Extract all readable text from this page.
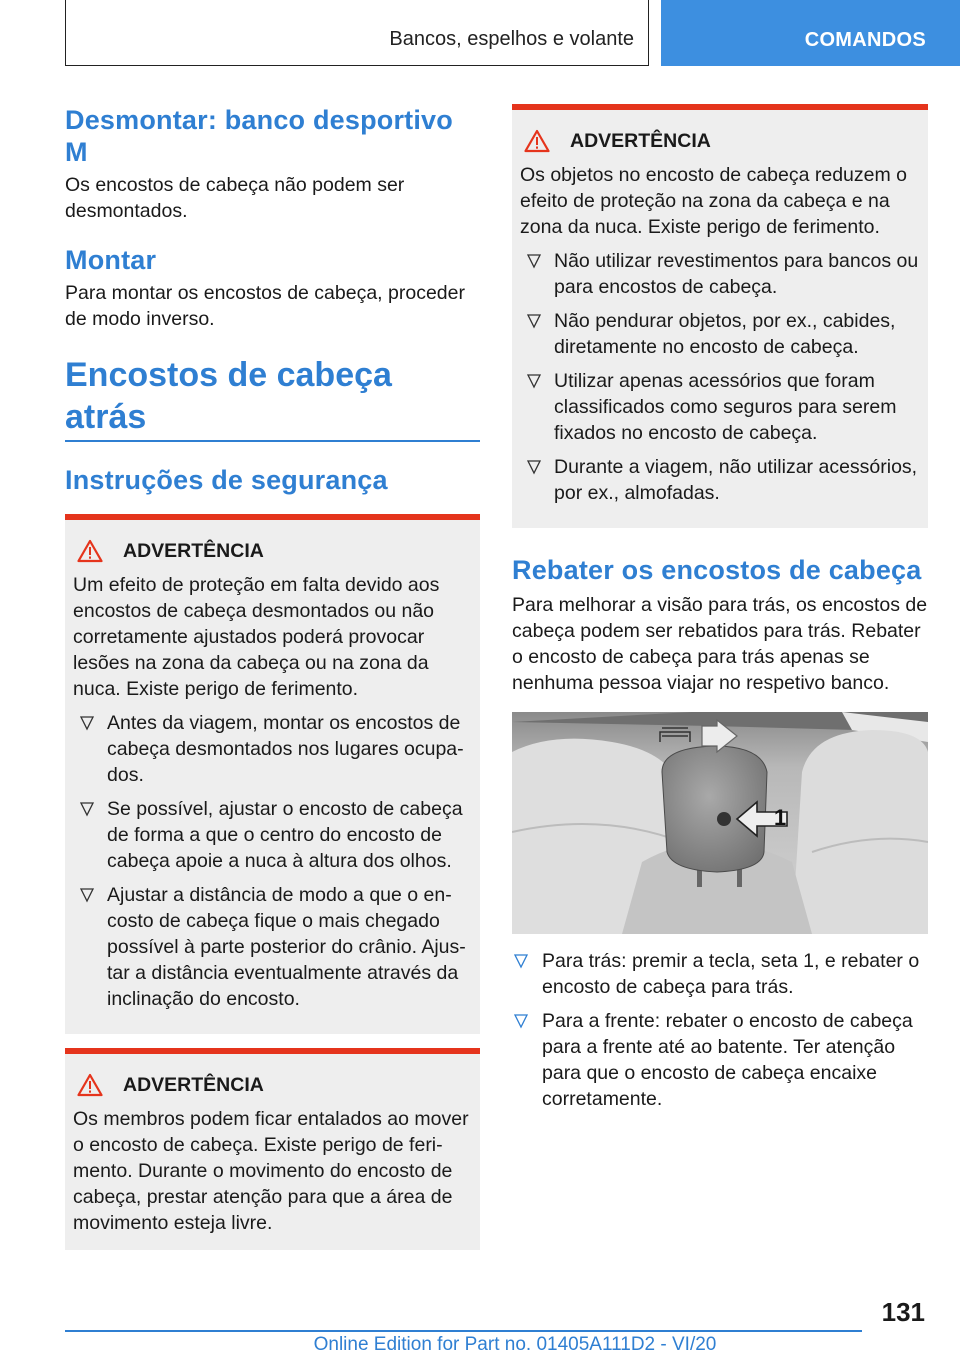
Bancos, espelhos e volante	COMANDOS
Desmontar: banco desportivo M
Os encostos de cabeça não podem ser desmontados.
Montar
Para montar os encostos de cabeça, proceder de modo inverso.
Encostos de cabeça atrás
Instruções de segurança
ADVERTÊNCIA
Um efeito de proteção em falta devido aos encostos de cabeça desmontados ou não corretamente ajustados poderá provocar lesões na zona da cabeça ou na zona da nuca. Existe perigo de ferimento.
Antes da viagem, montar os encostos de cabeça desmontados nos lugares ocupados.
Se possível, ajustar o encosto de cabeça de forma a que o centro do encosto de cabeça apoie a nuca à altura dos olhos.
Ajustar a distância de modo a que o encosto de cabeça fique o mais chegado possível à parte posterior do crânio. Ajustar a distância eventualmente através da inclinação do encosto.
ADVERTÊNCIA
Os membros podem ficar entalados ao mover o encosto de cabeça. Existe perigo de ferimento. Durante o movimento do encosto de cabeça, prestar atenção para que a área de movimento esteja livre.
ADVERTÊNCIA
Os objetos no encosto de cabeça reduzem o efeito de proteção na zona da cabeça e na zona da nuca. Existe perigo de ferimento.
Não utilizar revestimentos para bancos ou para encostos de cabeça.
Não pendurar objetos, por ex., cabides, diretamente no encosto de cabeça.
Utilizar apenas acessórios que foram classificados como seguros para serem fixados no encosto de cabeça.
Durante a viagem, não utilizar acessórios, por ex., almofadas.
Rebater os encostos de cabeça
Para melhorar a visão para trás, os encostos de cabeça podem ser rebatidos para trás. Rebater o encosto de cabeça para trás apenas se nenhuma pessoa viajar no respetivo banco.
1
Para trás: premir a tecla, seta 1, e rebater o encosto de cabeça para trás.
Para a frente: rebater o encosto de cabeça para a frente até ao batente. Ter atenção para que o encosto de cabeça encaixe corretamente.
131
Online Edition for Part no. 01405A111D2 - VI/20
